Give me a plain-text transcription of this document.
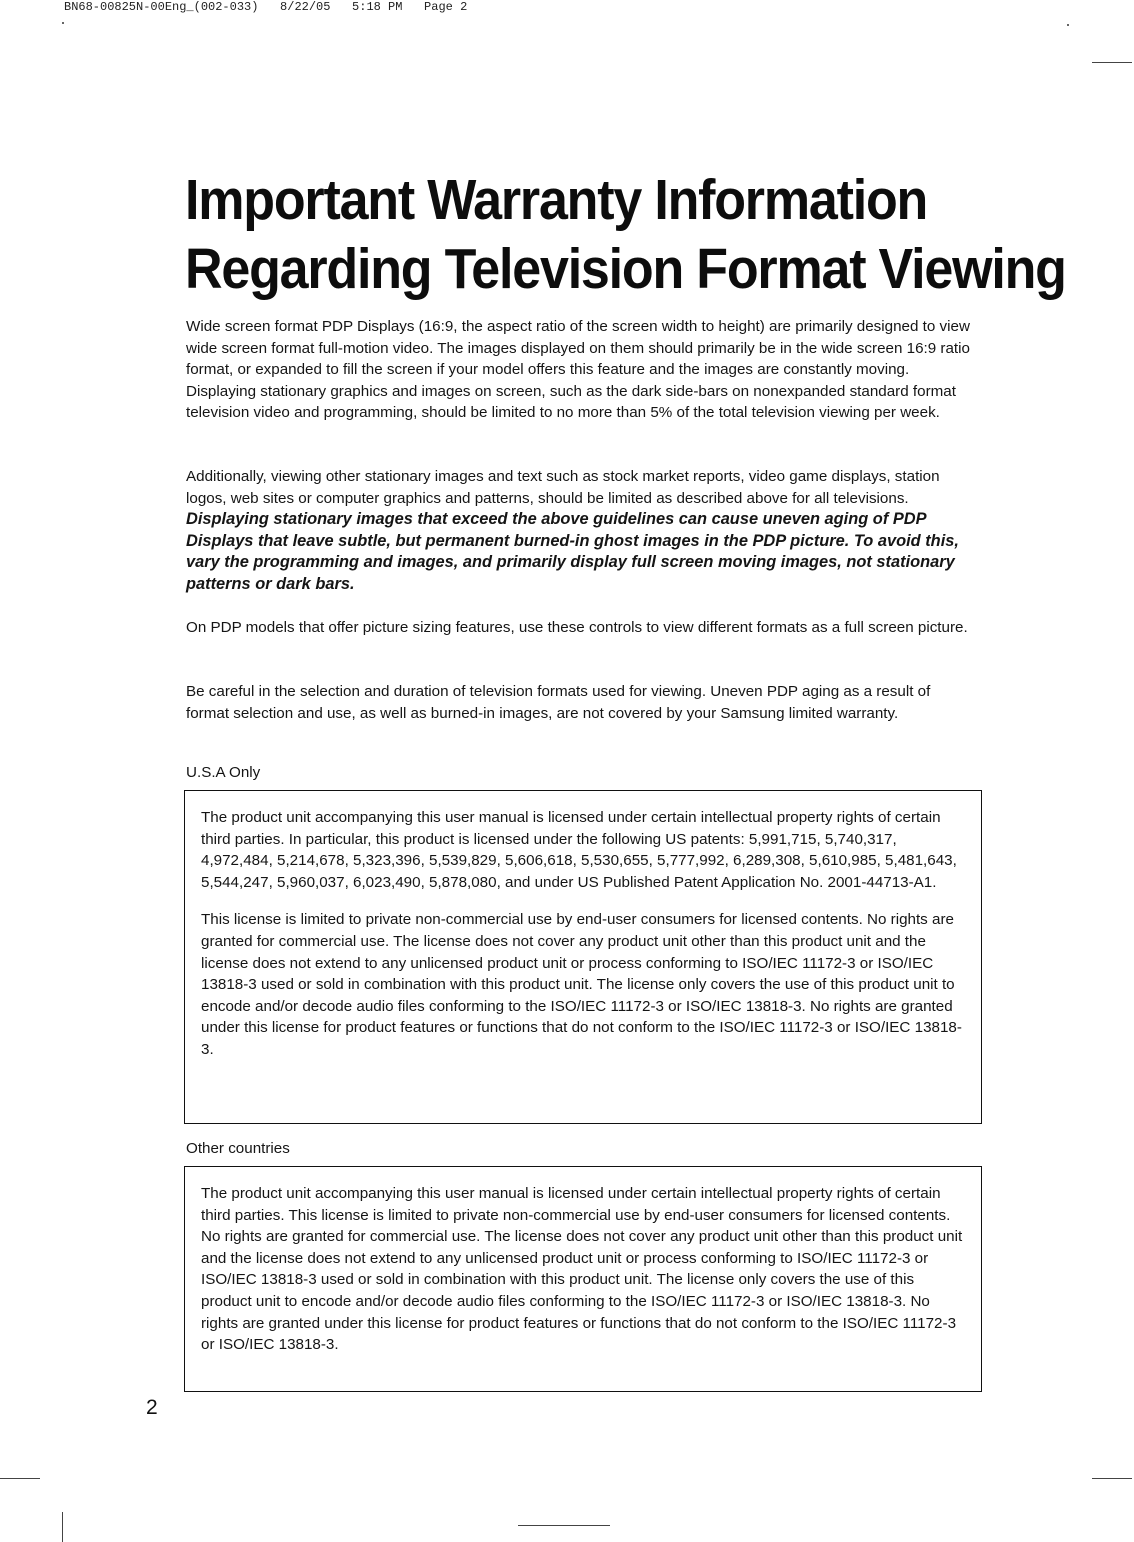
BN68-00825N-00Eng_(002-033)   8/22/05   5:18 PM   Page 2
Important Warranty Information
Regarding Television Format Viewing
Wide screen format PDP Displays (16:9, the aspect ratio of the screen width to height) are primarily designed to view wide screen format full-motion video. The images displayed on them should primarily be in the wide screen 16:9 ratio format, or expanded to fill the screen if your model offers this feature and the images are constantly moving. Displaying stationary graphics and images on screen, such as the dark side-bars on nonexpanded standard format television video and programming, should be limited to no more than 5% of the total television viewing per week.
Additionally, viewing other stationary images and text such as stock market reports, video game displays, station logos, web sites or computer graphics and patterns, should be limited as described above for all televisions. Displaying stationary images that exceed the above guidelines can cause uneven aging of PDP Displays that leave subtle, but permanent burned-in ghost images in the PDP picture. To avoid this, vary the programming and images, and primarily display full screen moving images, not stationary patterns or dark bars.
On PDP models that offer picture sizing features, use these controls to view different formats as a full screen picture.
Be careful in the selection and duration of television formats used for viewing. Uneven PDP aging as a result of format selection and use, as well as burned-in images, are not covered by your Samsung limited warranty.
U.S.A Only

The product unit accompanying this user manual is licensed under certain intellectual property rights of certain third parties. In particular, this product is licensed under the following US patents: 5,991,715, 5,740,317, 4,972,484, 5,214,678, 5,323,396, 5,539,829, 5,606,618, 5,530,655, 5,777,992, 6,289,308, 5,610,985, 5,481,643, 5,544,247, 5,960,037, 6,023,490, 5,878,080, and under US Published Patent Application No. 2001-44713-A1.

This license is limited to private non-commercial use by end-user consumers for licensed contents. No rights are granted for commercial use. The license does not cover any product unit other than this product unit and the license does not extend to any unlicensed product unit or process conforming to ISO/IEC 11172-3 or ISO/IEC 13818-3 used or sold in combination with this product unit. The license only covers the use of this product unit to encode and/or decode audio files conforming to the ISO/IEC 11172-3 or ISO/IEC 13818-3. No rights are granted under this license for product features or functions that do not conform to the ISO/IEC 11172-3 or ISO/IEC 13818-3.

Other countries

The product unit accompanying this user manual is licensed under certain intellectual property rights of certain third parties. This license is limited to private non-commercial use by end-user consumers for licensed contents. No rights are granted for commercial use. The license does not cover any product unit other than this product unit and the license does not extend to any unlicensed product unit or process conforming to ISO/IEC 11172-3 or ISO/IEC 13818-3 used or sold in combination with this product unit. The license only covers the use of this product unit to encode and/or decode audio files conforming to the ISO/IEC 11172-3 or ISO/IEC 13818-3. No rights are granted under this license for product features or functions that do not conform to the ISO/IEC 11172-3 or ISO/IEC 13818-3.

2
